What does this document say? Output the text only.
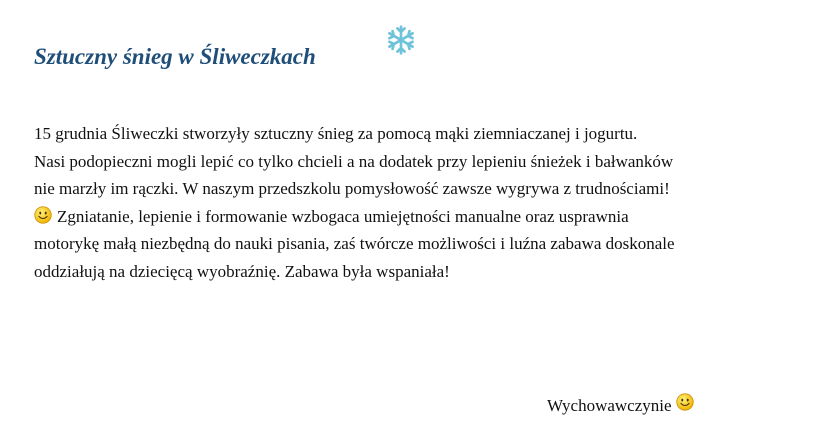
Sztuczny śnieg w Śliweczkach
15 grudnia Śliweczki stworzyły sztuczny śnieg za pomocą mąki ziemniaczanej i jogurtu.
Nasi podopieczni mogli lepić co tylko chcieli a na dodatek przy lepieniu śnieżek i bałwanków
nie marzły im rączki. W naszym przedszkolu pomysłowość zawsze wygrywa z trudnościami!
Zgniatanie, lepienie i formowanie wzbogaca umiejętności manualne oraz usprawnia
motorykę małą niezbędną do nauki pisania, zaś twórcze możliwości i luźna zabawa doskonale
oddziałują na dziecięcą wyobraźnię. Zabawa była wspaniała!
Wychowawczynie
